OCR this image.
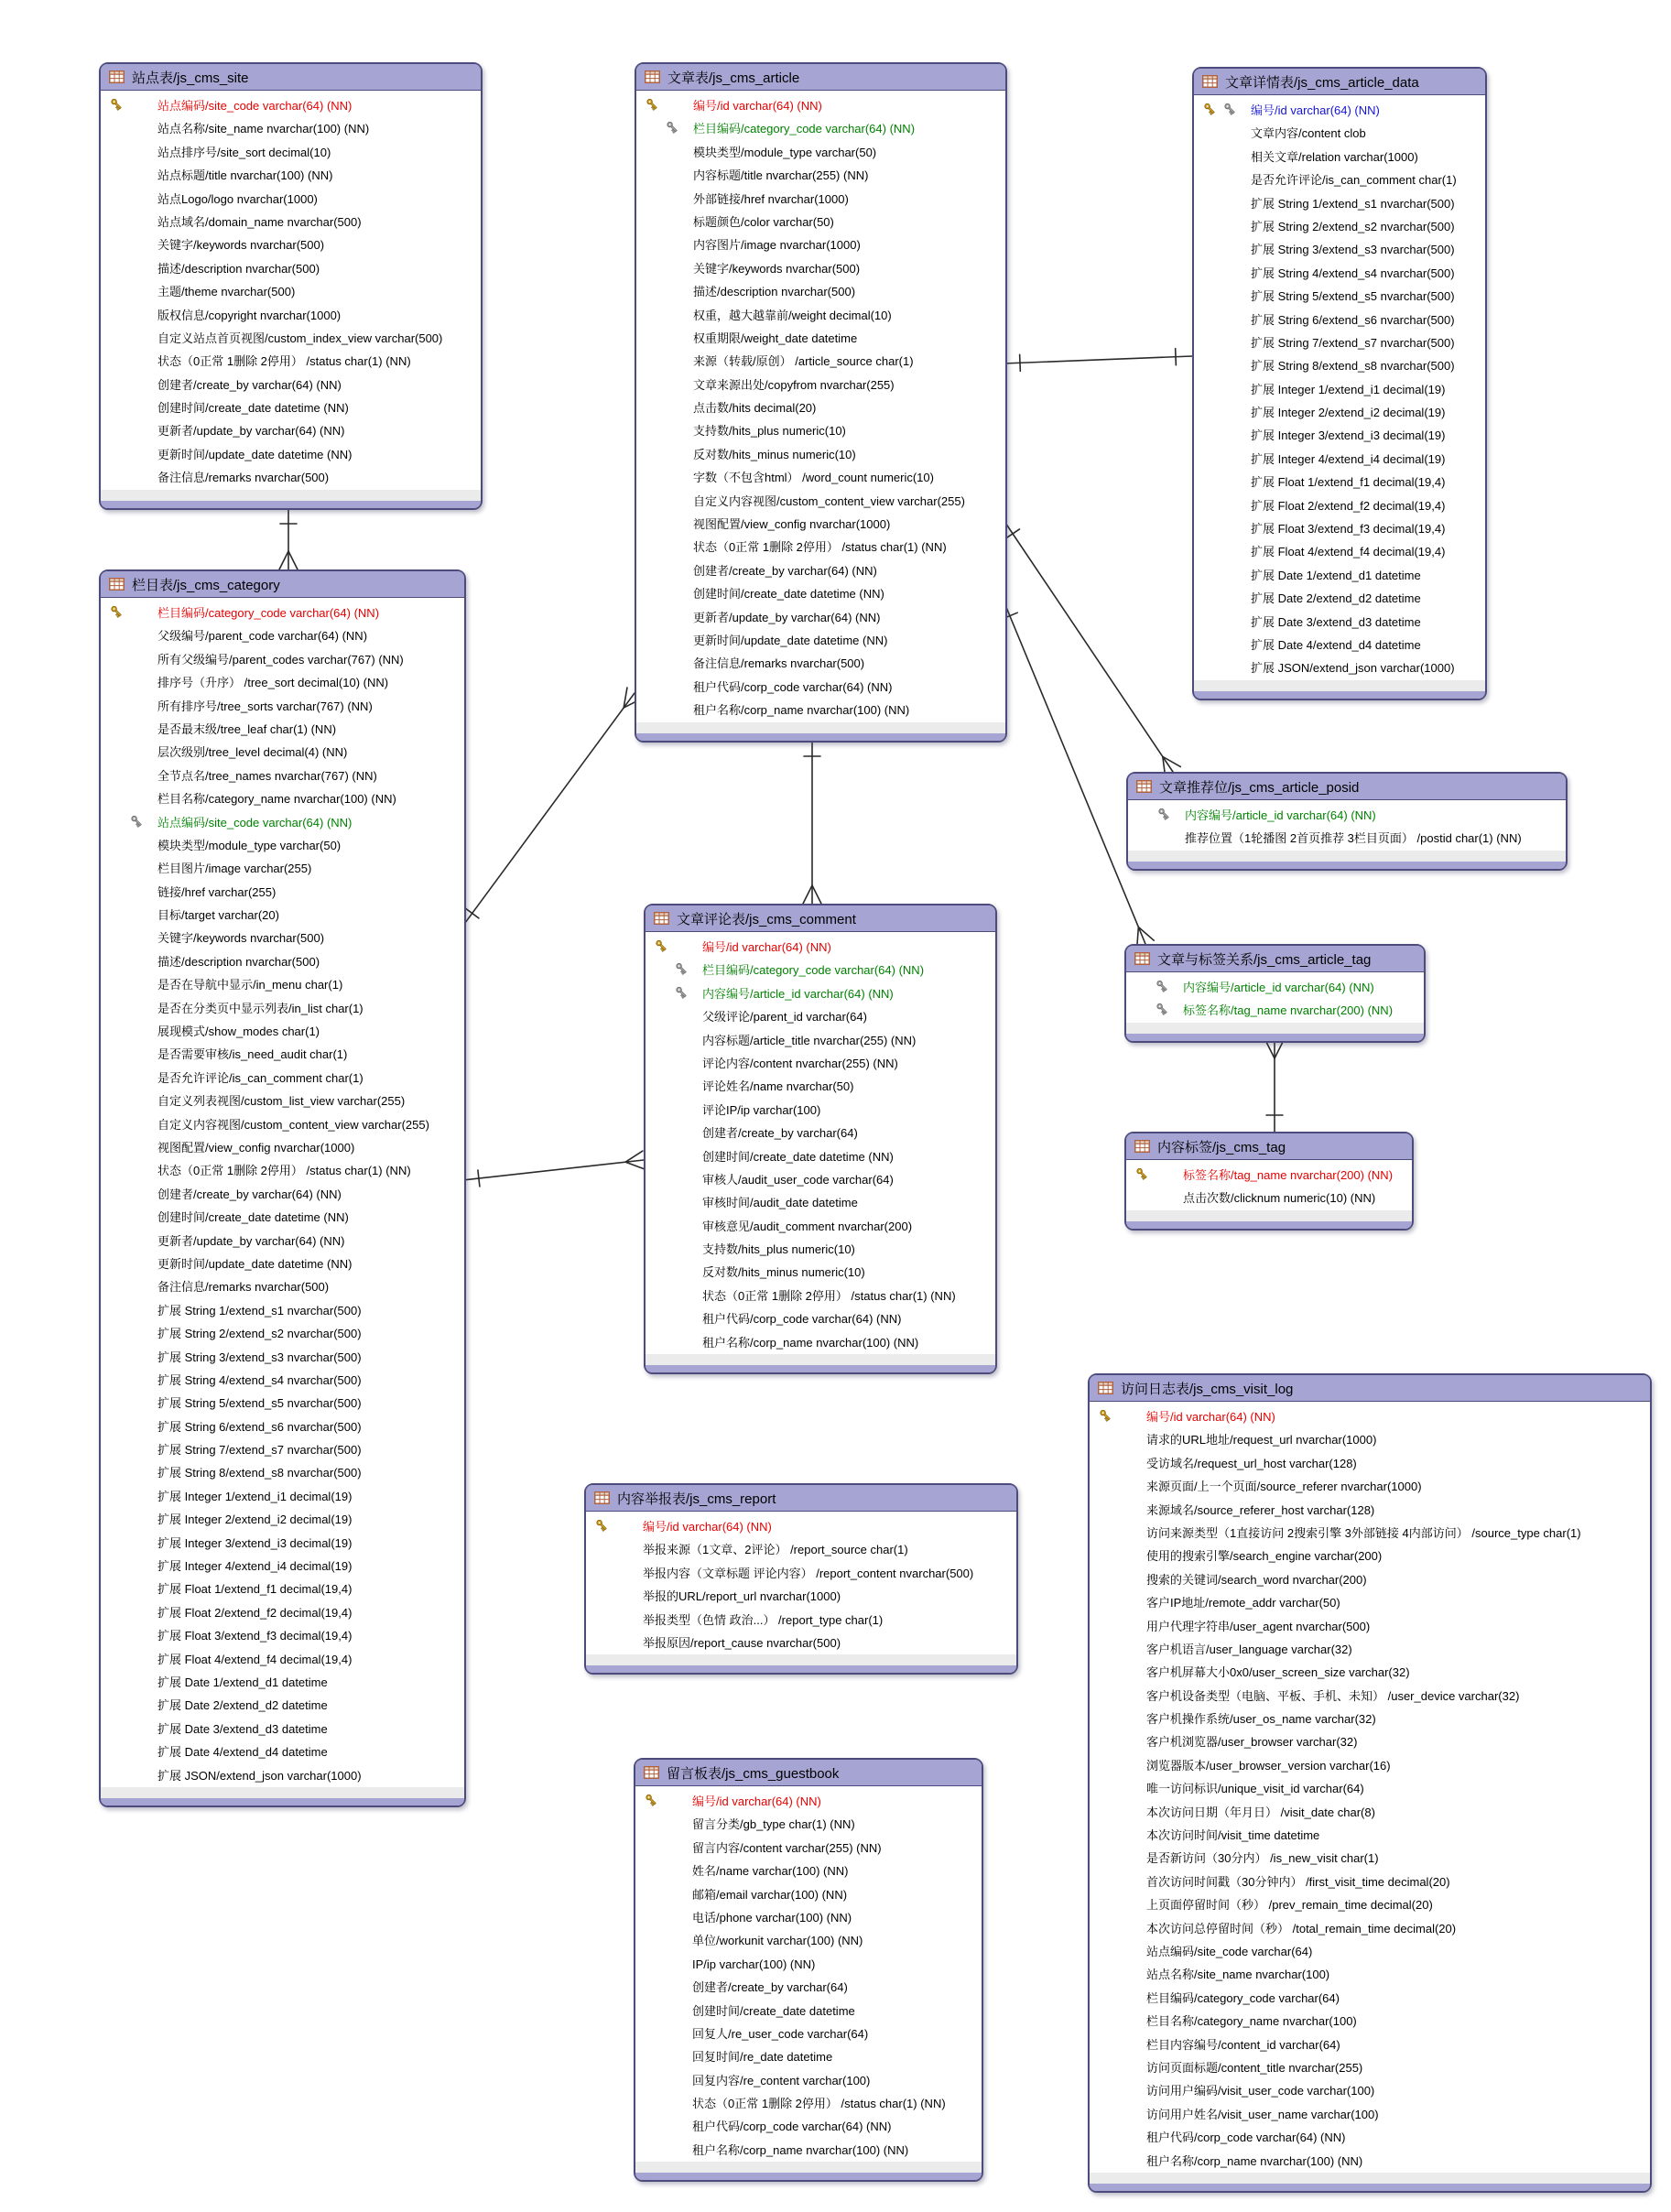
站点表/js_cms_site
站点编码/site_code varchar(64) (NN)
站点名称/site_name nvarchar(100) (NN)
站点排序号/site_sort decimal(10)
站点标题/title nvarchar(100) (NN)
站点Logo/logo nvarchar(1000)
站点域名/domain_name nvarchar(500)
关键字/keywords nvarchar(500)
描述/description nvarchar(500)
主题/theme nvarchar(500)
版权信息/copyright nvarchar(1000)
自定义站点首页视图/custom_index_view varchar(500)
状态（0正常 1删除 2停用） /status char(1) (NN)
创建者/create_by varchar(64) (NN)
创建时间/create_date datetime (NN)
更新者/update_by varchar(64) (NN)
更新时间/update_date datetime (NN)
备注信息/remarks nvarchar(500)
文章表/js_cms_article
编号/id varchar(64) (NN)
栏目编码/category_code varchar(64) (NN)
模块类型/module_type varchar(50)
内容标题/title nvarchar(255) (NN)
外部链接/href nvarchar(1000)
标题颜色/color varchar(50)
内容图片/image nvarchar(1000)
关键字/keywords nvarchar(500)
描述/description nvarchar(500)
权重，越大越靠前/weight decimal(10)
权重期限/weight_date datetime
来源（转载/原创） /article_source char(1)
文章来源出处/copyfrom nvarchar(255)
点击数/hits decimal(20)
支持数/hits_plus numeric(10)
反对数/hits_minus numeric(10)
字数（不包含html） /word_count numeric(10)
自定义内容视图/custom_content_view varchar(255)
视图配置/view_config nvarchar(1000)
状态（0正常 1删除 2停用） /status char(1) (NN)
创建者/create_by varchar(64) (NN)
创建时间/create_date datetime (NN)
更新者/update_by varchar(64) (NN)
更新时间/update_date datetime (NN)
备注信息/remarks nvarchar(500)
租户代码/corp_code varchar(64) (NN)
租户名称/corp_name nvarchar(100) (NN)
文章详情表/js_cms_article_data
编号/id varchar(64) (NN)
文章内容/content clob
相关文章/relation varchar(1000)
是否允许评论/is_can_comment char(1)
扩展 String 1/extend_s1 nvarchar(500)
扩展 String 2/extend_s2 nvarchar(500)
扩展 String 3/extend_s3 nvarchar(500)
扩展 String 4/extend_s4 nvarchar(500)
扩展 String 5/extend_s5 nvarchar(500)
扩展 String 6/extend_s6 nvarchar(500)
扩展 String 7/extend_s7 nvarchar(500)
扩展 String 8/extend_s8 nvarchar(500)
扩展 Integer 1/extend_i1 decimal(19)
扩展 Integer 2/extend_i2 decimal(19)
扩展 Integer 3/extend_i3 decimal(19)
扩展 Integer 4/extend_i4 decimal(19)
扩展 Float 1/extend_f1 decimal(19,4)
扩展 Float 2/extend_f2 decimal(19,4)
扩展 Float 3/extend_f3 decimal(19,4)
扩展 Float 4/extend_f4 decimal(19,4)
扩展 Date 1/extend_d1 datetime
扩展 Date 2/extend_d2 datetime
扩展 Date 3/extend_d3 datetime
扩展 Date 4/extend_d4 datetime
扩展 JSON/extend_json varchar(1000)
栏目表/js_cms_category
栏目编码/category_code varchar(64) (NN)
父级编号/parent_code varchar(64) (NN)
所有父级编号/parent_codes varchar(767) (NN)
排序号（升序） /tree_sort decimal(10) (NN)
所有排序号/tree_sorts varchar(767) (NN)
是否最末级/tree_leaf char(1) (NN)
层次级别/tree_level decimal(4) (NN)
全节点名/tree_names nvarchar(767) (NN)
栏目名称/category_name nvarchar(100) (NN)
站点编码/site_code varchar(64) (NN)
模块类型/module_type varchar(50)
栏目图片/image varchar(255)
链接/href varchar(255)
目标/target varchar(20)
关键字/keywords nvarchar(500)
描述/description nvarchar(500)
是否在导航中显示/in_menu char(1)
是否在分类页中显示列表/in_list char(1)
展现模式/show_modes char(1)
是否需要审核/is_need_audit char(1)
是否允许评论/is_can_comment char(1)
自定义列表视图/custom_list_view varchar(255)
自定义内容视图/custom_content_view varchar(255)
视图配置/view_config nvarchar(1000)
状态（0正常 1删除 2停用） /status char(1) (NN)
创建者/create_by varchar(64) (NN)
创建时间/create_date datetime (NN)
更新者/update_by varchar(64) (NN)
更新时间/update_date datetime (NN)
备注信息/remarks nvarchar(500)
扩展 String 1/extend_s1 nvarchar(500)
扩展 String 2/extend_s2 nvarchar(500)
扩展 String 3/extend_s3 nvarchar(500)
扩展 String 4/extend_s4 nvarchar(500)
扩展 String 5/extend_s5 nvarchar(500)
扩展 String 6/extend_s6 nvarchar(500)
扩展 String 7/extend_s7 nvarchar(500)
扩展 String 8/extend_s8 nvarchar(500)
扩展 Integer 1/extend_i1 decimal(19)
扩展 Integer 2/extend_i2 decimal(19)
扩展 Integer 3/extend_i3 decimal(19)
扩展 Integer 4/extend_i4 decimal(19)
扩展 Float 1/extend_f1 decimal(19,4)
扩展 Float 2/extend_f2 decimal(19,4)
扩展 Float 3/extend_f3 decimal(19,4)
扩展 Float 4/extend_f4 decimal(19,4)
扩展 Date 1/extend_d1 datetime
扩展 Date 2/extend_d2 datetime
扩展 Date 3/extend_d3 datetime
扩展 Date 4/extend_d4 datetime
扩展 JSON/extend_json varchar(1000)
文章评论表/js_cms_comment
编号/id varchar(64) (NN)
栏目编码/category_code varchar(64) (NN)
内容编号/article_id varchar(64) (NN)
父级评论/parent_id varchar(64)
内容标题/article_title nvarchar(255) (NN)
评论内容/content nvarchar(255) (NN)
评论姓名/name nvarchar(50)
评论IP/ip varchar(100)
创建者/create_by varchar(64)
创建时间/create_date datetime (NN)
审核人/audit_user_code varchar(64)
审核时间/audit_date datetime
审核意见/audit_comment nvarchar(200)
支持数/hits_plus numeric(10)
反对数/hits_minus numeric(10)
状态（0正常 1删除 2停用） /status char(1) (NN)
租户代码/corp_code varchar(64) (NN)
租户名称/corp_name nvarchar(100) (NN)
文章推荐位/js_cms_article_posid
内容编号/article_id varchar(64) (NN)
推荐位置（1轮播图 2首页推荐 3栏目页面） /postid char(1) (NN)
文章与标签关系/js_cms_article_tag
内容编号/article_id varchar(64) (NN)
标签名称/tag_name nvarchar(200) (NN)
内容标签/js_cms_tag
标签名称/tag_name nvarchar(200) (NN)
点击次数/clicknum numeric(10) (NN)
内容举报表/js_cms_report
编号/id varchar(64) (NN)
举报来源（1文章、2评论） /report_source char(1)
举报内容（文章标题 评论内容） /report_content nvarchar(500)
举报的URL/report_url nvarchar(1000)
举报类型（色情 政治...） /report_type char(1)
举报原因/report_cause nvarchar(500)
留言板表/js_cms_guestbook
编号/id varchar(64) (NN)
留言分类/gb_type char(1) (NN)
留言内容/content varchar(255) (NN)
姓名/name varchar(100) (NN)
邮箱/email varchar(100) (NN)
电话/phone varchar(100) (NN)
单位/workunit varchar(100) (NN)
IP/ip varchar(100) (NN)
创建者/create_by varchar(64)
创建时间/create_date datetime
回复人/re_user_code varchar(64)
回复时间/re_date datetime
回复内容/re_content varchar(100)
状态（0正常 1删除 2停用） /status char(1) (NN)
租户代码/corp_code varchar(64) (NN)
租户名称/corp_name nvarchar(100) (NN)
访问日志表/js_cms_visit_log
编号/id varchar(64) (NN)
请求的URL地址/request_url nvarchar(1000)
受访域名/request_url_host varchar(128)
来源页面/上一个页面/source_referer nvarchar(1000)
来源域名/source_referer_host varchar(128)
访问来源类型（1直接访问 2搜索引擎 3外部链接 4内部访问） /source_type char(1)
使用的搜索引擎/search_engine varchar(200)
搜索的关键词/search_word nvarchar(200)
客户IP地址/remote_addr varchar(50)
用户代理字符串/user_agent nvarchar(500)
客户机语言/user_language varchar(32)
客户机屏幕大小0x0/user_screen_size varchar(32)
客户机设备类型（电脑、平板、手机、未知） /user_device varchar(32)
客户机操作系统/user_os_name varchar(32)
客户机浏览器/user_browser varchar(32)
浏览器版本/user_browser_version varchar(16)
唯一访问标识/unique_visit_id varchar(64)
本次访问日期（年月日） /visit_date char(8)
本次访问时间/visit_time datetime
是否新访问（30分内） /is_new_visit char(1)
首次访问时间戳（30分钟内） /first_visit_time decimal(20)
上页面停留时间（秒） /prev_remain_time decimal(20)
本次访问总停留时间（秒） /total_remain_time decimal(20)
站点编码/site_code varchar(64)
站点名称/site_name nvarchar(100)
栏目编码/category_code varchar(64)
栏目名称/category_name nvarchar(100)
栏目内容编号/content_id varchar(64)
访问页面标题/content_title nvarchar(255)
访问用户编码/visit_user_code varchar(100)
访问用户姓名/visit_user_name varchar(100)
租户代码/corp_code varchar(64) (NN)
租户名称/corp_name nvarchar(100) (NN)
